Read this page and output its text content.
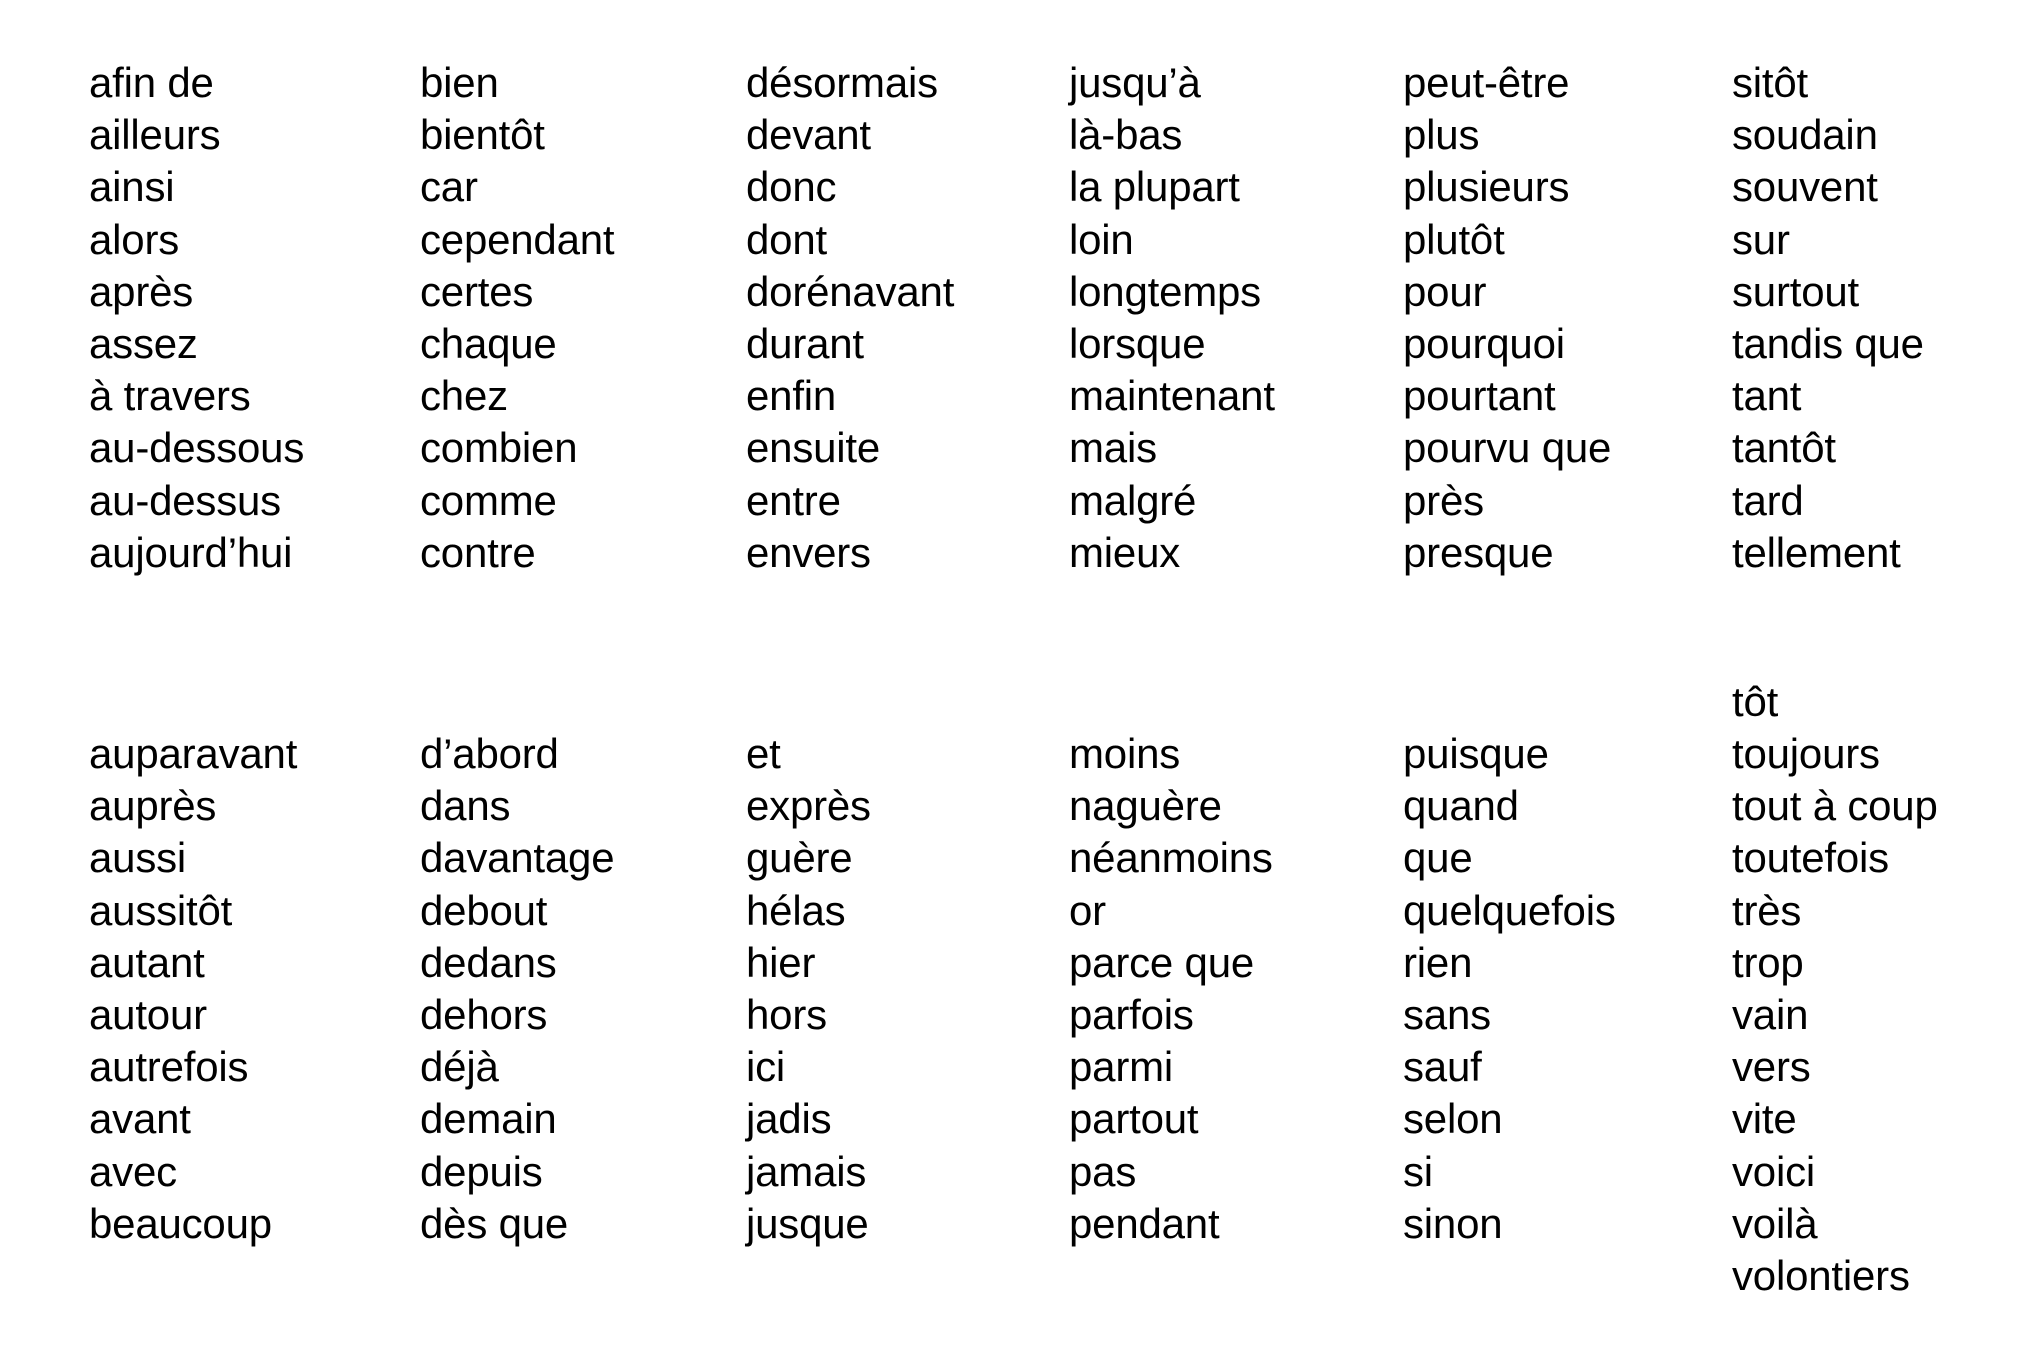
afin de
ailleurs
ainsi
alors
après
assez
à travers
au-dessous
au-dessus
aujourd’hui
bien
bientôt
car
cependant
certes
chaque
chez
combien
comme
contre
désormais
devant
donc
dont
dorénavant
durant
enfin
ensuite
entre
envers
jusqu’à
là-bas
la plupart
loin
longtemps
lorsque
maintenant
mais
malgré
mieux
peut-être
plus
plusieurs
plutôt
pour
pourquoi
pourtant
pourvu que
près
presque
sitôt
soudain
souvent
sur
surtout
tandis que
tant
tantôt
tard
tellement
auparavant
auprès
aussi
aussitôt
autant
autour
autrefois
avant
avec
beaucoup
d’abord
dans
davantage
debout
dedans
dehors
déjà
demain
depuis
dès que
et
exprès
guère
hélas
hier
hors
ici
jadis
jamais
jusque
moins
naguère
néanmoins
or
parce que
parfois
parmi
partout
pas
pendant
puisque
quand
que
quelquefois
rien
sans
sauf
selon
si
sinon
tôt
toujours
tout à coup
toutefois
très
trop
vain
vers
vite
voici
voilà
volontiers
